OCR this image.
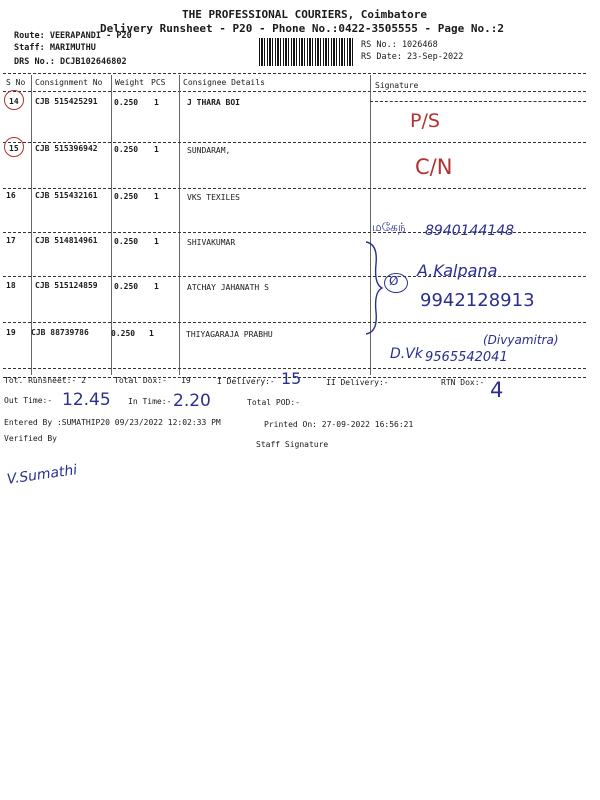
THE PROFESSIONAL COURIERS, Coimbatore
Delivery Runsheet - P20 - Phone No.:0422-3505555 - Page No.:2
Route: VEERAPANDI - P20
Staff: MARIMUTHU
DRS No.: DCJB102646802
RS No.: 1026468
RS Date: 23-Sep-2022
S No Consignment No Weight PCS Consignee Details	Signature
14 CJB 515425291 0.250 1	J THARA BOI
15 CJB 515396942 0.250 1	SUNDARAM,
16 CJB 515432161 0.250 1	VKS TEXILES
17 CJB 514814961 0.250 1	SHIVAKUMAR
18 CJB 515124859 0.250 1	ATCHAY JAHANATH S
19 CJB 88739786	0.250 1	THIYAGARAJA PRABHU
P/S
C/N
மகேந் 8940144148
Ø
A.Kalpana
9942128913
D.Vk
(Divyamitra)
9565542041
Tot. Runsheet:- 2	Total Dox:- 19	I Delivery:- 15	II Delivery:-	RTN Dox:- 4
Out Time:- 12.45 In Time:- 2.20	Total POD:-
Entered By :SUMATHIP20 09/23/2022 12:02:33 PM	Printed On: 27-09-2022 16:56:21
Verified By
Staff Signature
V.Sumathi
